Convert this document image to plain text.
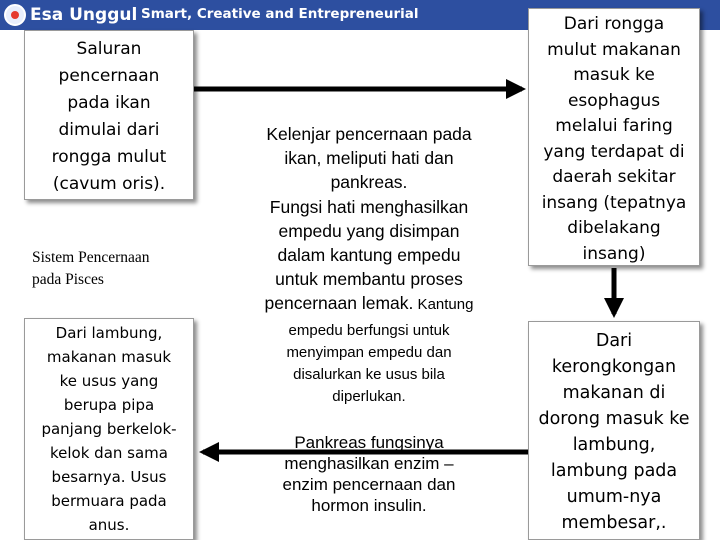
Esa Unggul Smart, Creative and Entrepreneurial
Saluran
pencernaan
pada ikan
dimulai dari
rongga mulut
(cavum oris).
Sistem Pencernaan
pada Pisces
Dari lambung,
makanan masuk
ke usus yang
berupa pipa
panjang berkelok-
kelok dan sama
besarnya. Usus
bermuara pada
anus.
Kelenjar pencernaan pada
ikan, meliputi hati dan
pankreas.
Fungsi hati menghasilkan
empedu yang disimpan
dalam kantung empedu
untuk membantu proses
pencernaan lemak. Kantung
empedu berfungsi untuk
menyimpan empedu dan
disalurkan ke usus bila
diperlukan.
Pankreas fungsinya
menghasilkan enzim –
enzim pencernaan dan
hormon insulin.
Dari rongga
mulut makanan
masuk ke
esophagus
melalui faring
yang terdapat di
daerah sekitar
insang (tepatnya
dibelakang
insang)
Dari
kerongkongan
makanan di
dorong masuk ke
lambung,
lambung pada
umum-nya
membesar,.
